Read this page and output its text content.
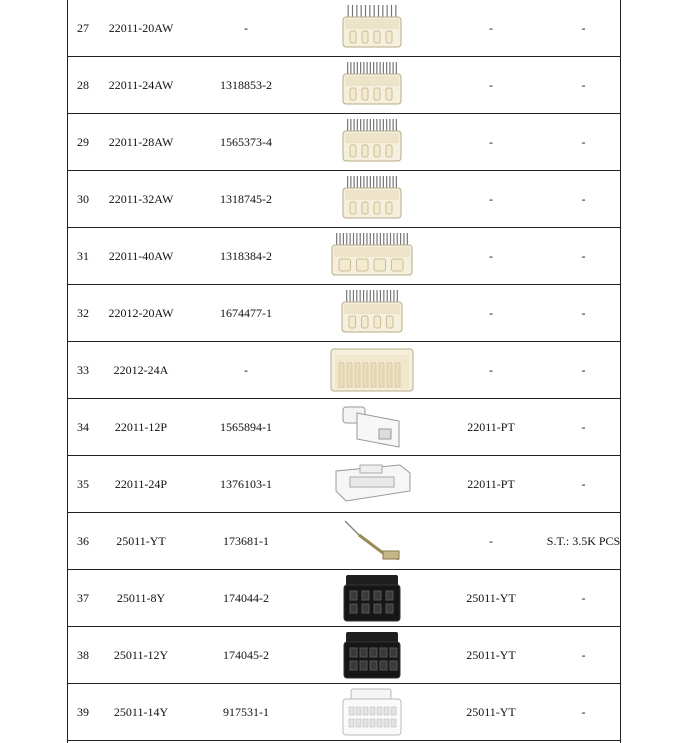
27	22011-20AW	-	-	-
28	22011-24AW	1318853-2	-	-
29	22011-28AW	1565373-4	-	-
30	22011-32AW	1318745-2	-	-
31	22011-40AW	1318384-2	-	-
32	22012-20AW	1674477-1	-	-
33	22012-24A	-	-	-
34	22011-12P	1565894-1	22011-PT	-
35	22011-24P	1376103-1	22011-PT	-
36	25011-YT	173681-1	-	S.T.: 3.5K PCS
37	25011-8Y	174044-2	25011-YT	-
38	25011-12Y	174045-2	25011-YT	-
39	25011-14Y	917531-1	25011-YT	-
